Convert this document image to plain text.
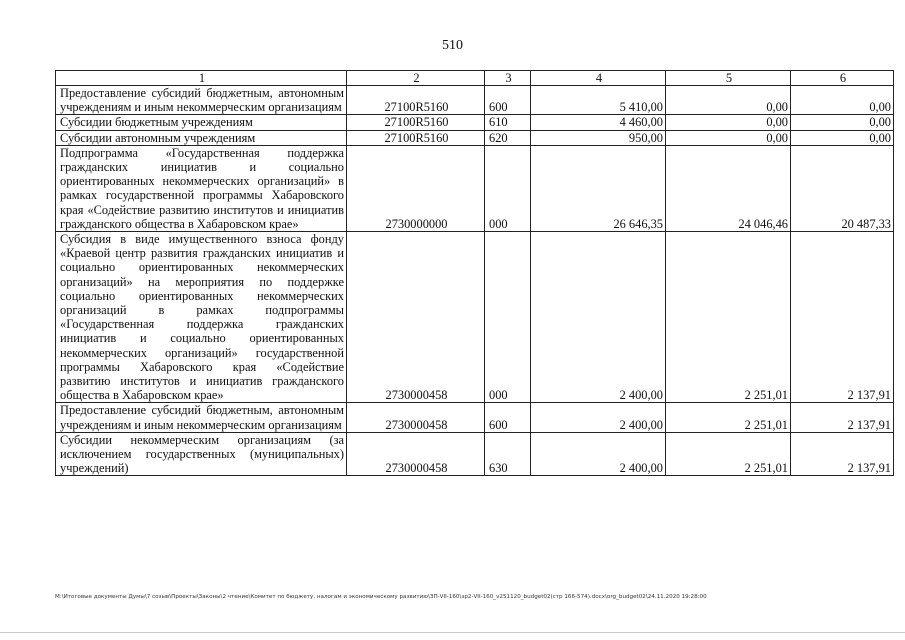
510
1	2	3	4	5	6
Предоставление субсидий бюджетным, автономным учреждениям и иным некоммерческим организациям	27100R5160	600	5 410,00	0,00	0,00
Субсидии бюджетным учреждениям	27100R5160	610	4 460,00	0,00	0,00
Субсидии автономным учреждениям	27100R5160	620	950,00	0,00	0,00
Подпрограмма «Государственная поддержка гражданских инициатив и социально ориентированных некоммерческих организаций» в рамках государственной программы Хабаровского края «Содействие развитию институтов и инициатив гражданского общества в Хабаровском крае»	2730000000	000	26 646,35	24 046,46	20 487,33
Субсидия в виде имущественного взноса фонду «Краевой центр развития гражданских инициатив и социально ориентированных некоммерческих организаций» на мероприятия по поддержке социально ориентированных некоммерческих организаций в рамках подпрограммы «Государственная поддержка гражданских инициатив и социально ориентированных некоммерческих организаций» государственной программы Хабаровского края «Содействие развитию институтов и инициатив гражданского общества в Хабаровском крае»	2730000458	000	2 400,00	2 251,01	2 137,91
Предоставление субсидий бюджетным, автономным учреждениям и иным некоммерческим организациям	2730000458	600	2 400,00	2 251,01	2 137,91
Субсидии некоммерческим организациям (за исключением государственных (муниципальных) учреждений)	2730000458	630	2 400,00	2 251,01	2 137,91
M:\Итоговые документы Думы\7 созыв\Проекты\Законы\2 чтение\Комитет по бюджету, налогам и экономическому развитию\ЗП-VII-160\зр2-VII-160_v251120_budget02(стр 166-574).docx\org_budget02\24.11.2020 19:28:00
